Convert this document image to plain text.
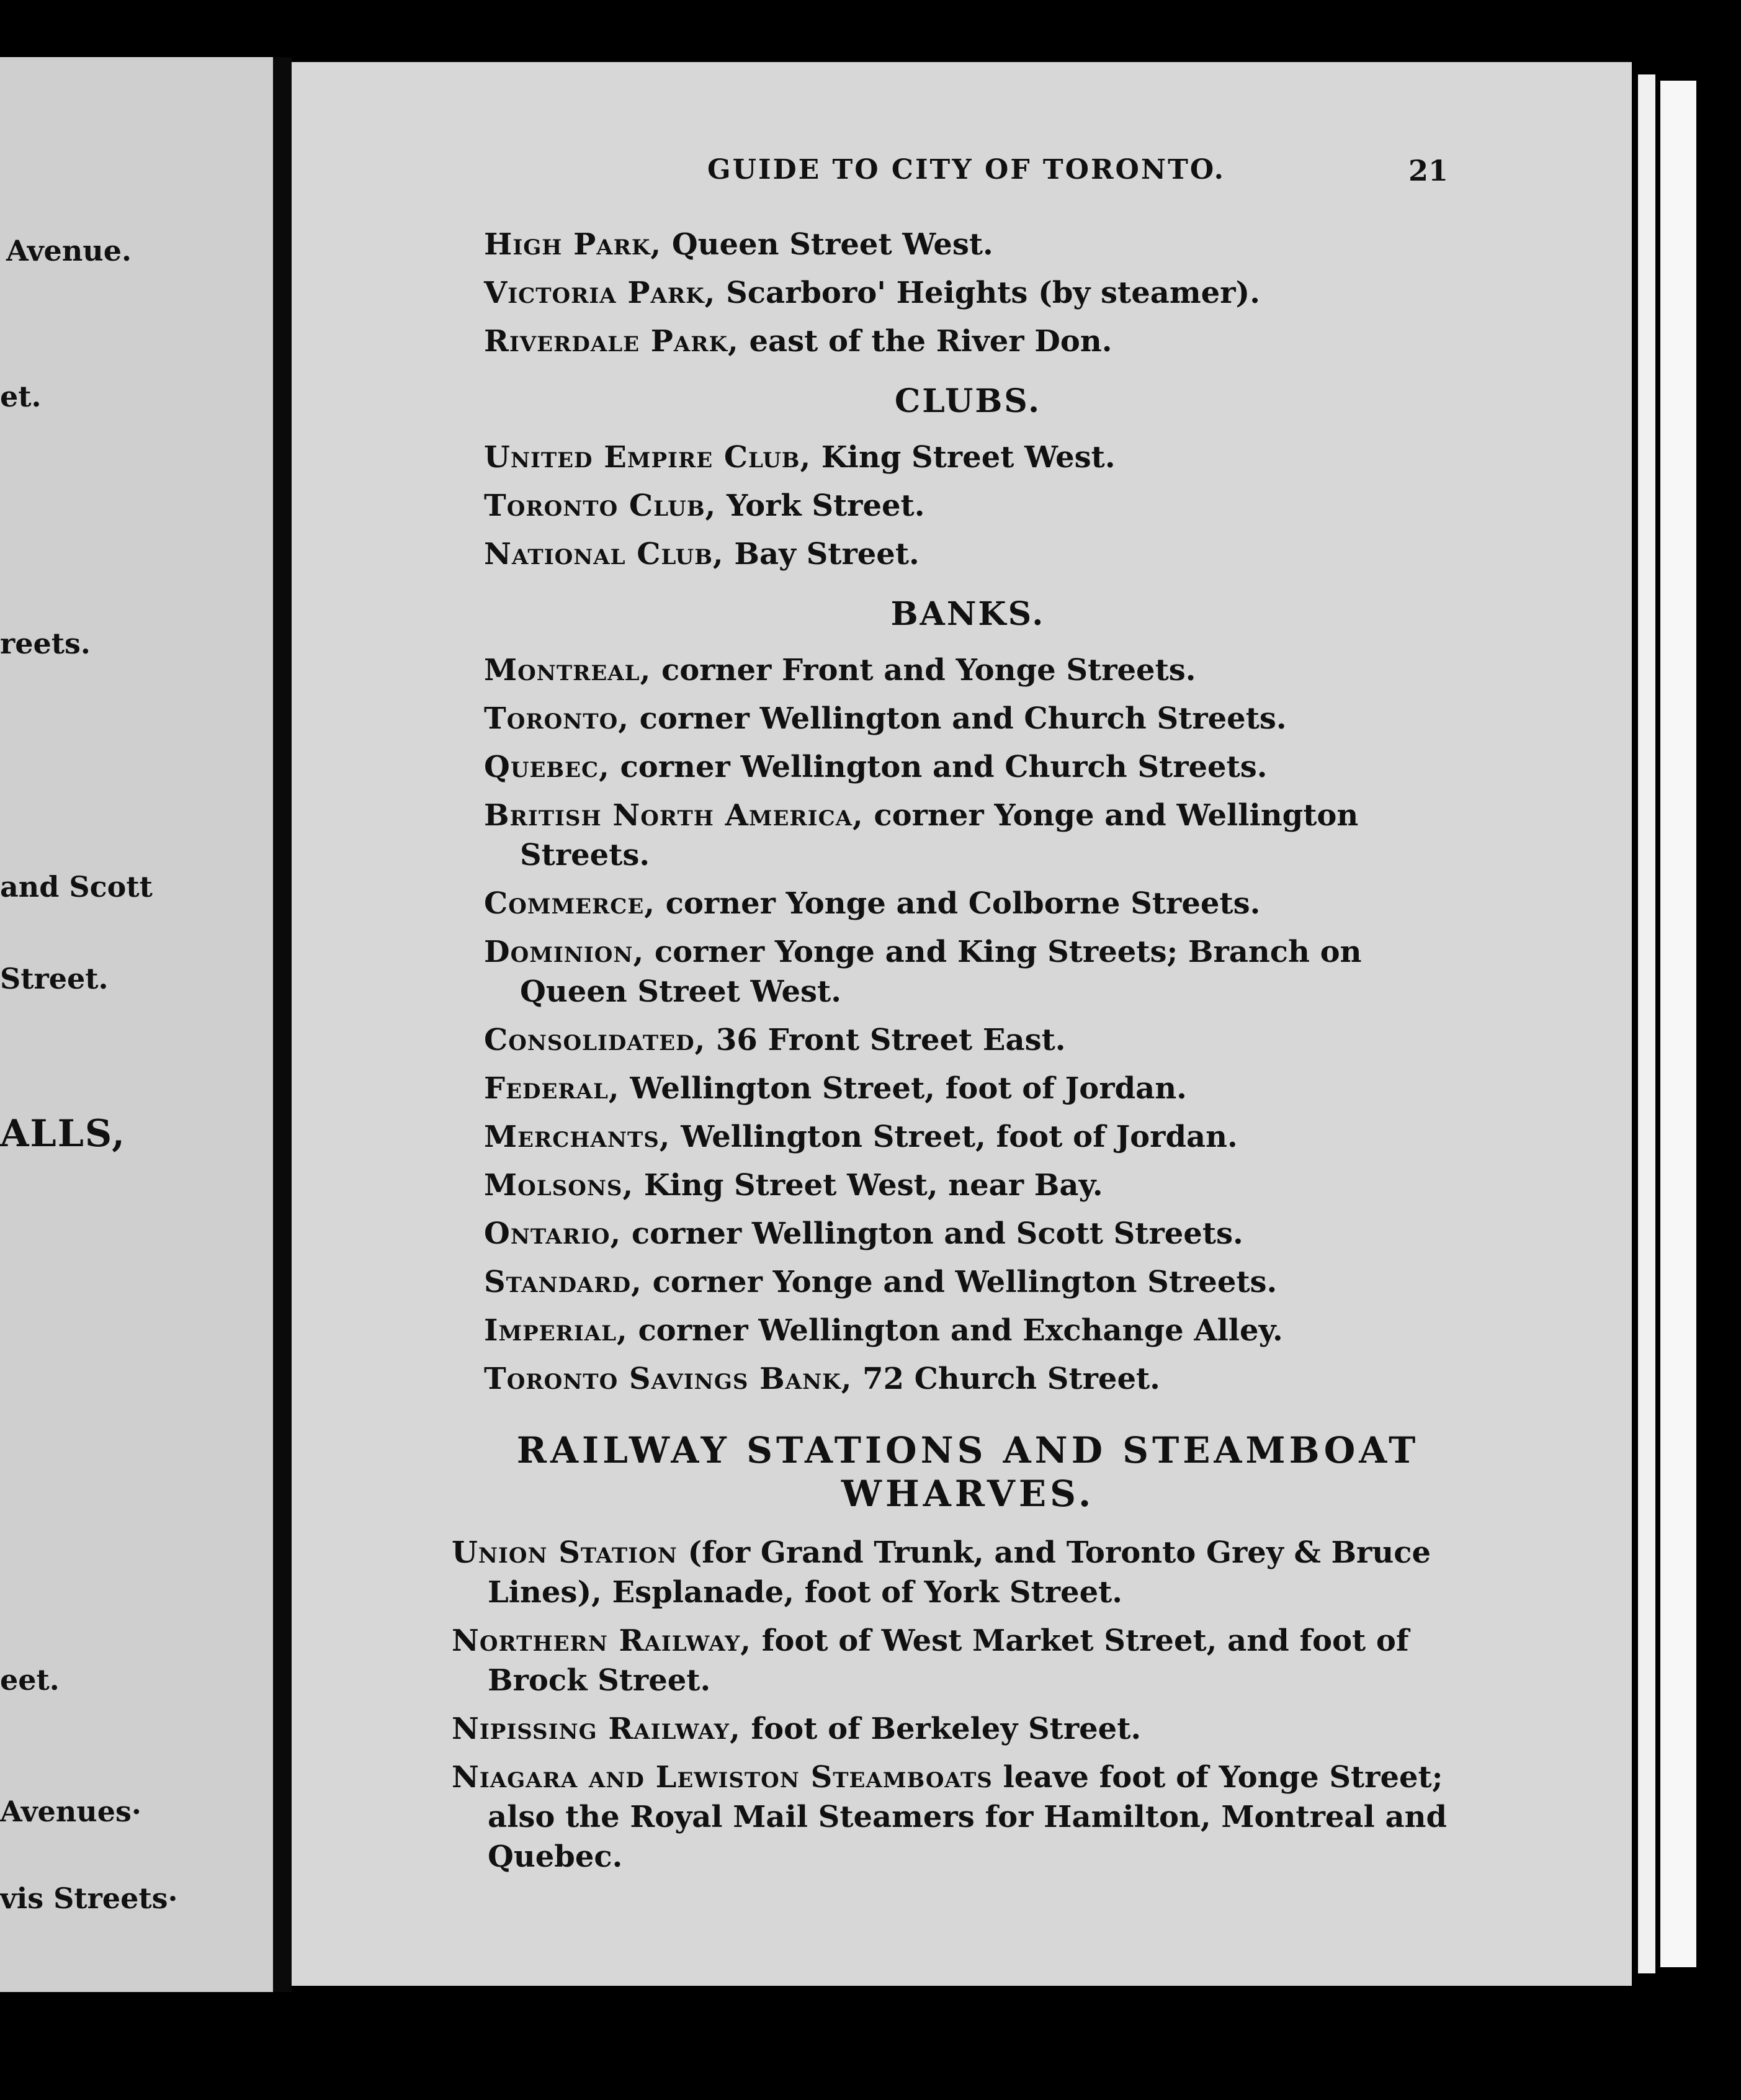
Avenue.
et.
reets.
and Scott
Street.
ALLS,
eet.
Avenues·
vis Streets·
GUIDE TO CITY OF TORONTO.	21
High Park, Queen Street West.
Victoria Park, Scarboro' Heights (by steamer).
Riverdale Park, east of the River Don.
CLUBS.
United Empire Club, King Street West.
Toronto Club, York Street.
National Club, Bay Street.
BANKS.
Montreal, corner Front and Yonge Streets.
Toronto, corner Wellington and Church Streets.
Quebec, corner Wellington and Church Streets.
British North America, corner Yonge and Wellington Streets.
Commerce, corner Yonge and Colborne Streets.
Dominion, corner Yonge and King Streets; Branch on Queen Street West.
Consolidated, 36 Front Street East.
Federal, Wellington Street, foot of Jordan.
Merchants, Wellington Street, foot of Jordan.
Molsons, King Street West, near Bay.
Ontario, corner Wellington and Scott Streets.
Standard, corner Yonge and Wellington Streets.
Imperial, corner Wellington and Exchange Alley.
Toronto Savings Bank, 72 Church Street.
RAILWAY STATIONS AND STEAMBOAT
WHARVES.
Union Station (for Grand Trunk, and Toronto Grey & Bruce Lines), Esplanade, foot of York Street.
Northern Railway, foot of West Market Street, and foot of Brock Street.
Nipissing Railway, foot of Berkeley Street.
Niagara and Lewiston Steamboats leave foot of Yonge Street; also the Royal Mail Steamers for Hamilton, Montreal and Quebec.
